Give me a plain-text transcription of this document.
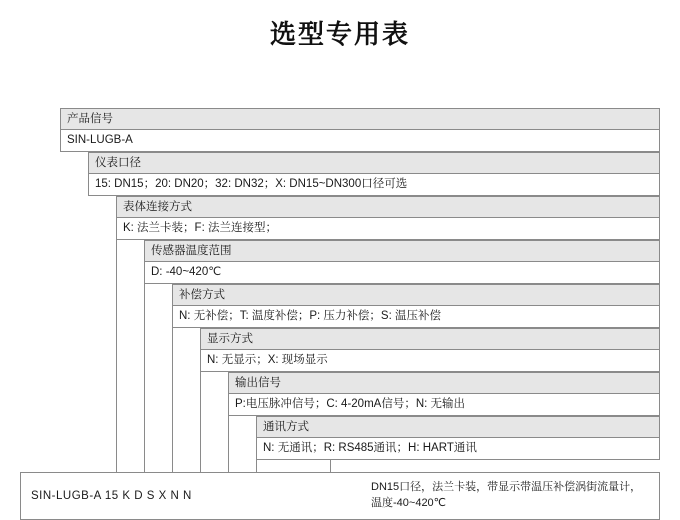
选型专用表
产品信号
SIN-LUGB-A
仪表口径
15: DN15；20: DN20；32: DN32；X: DN15~DN300口径可选
表体连接方式
K: 法兰卡装；F: 法兰连接型；
传感器温度范围
D: -40~420℃
补偿方式
N: 无补偿；T: 温度补偿；P: 压力补偿；S: 温压补偿
显示方式
N: 无显示；X: 现场显示
输出信号
P:电压脉冲信号；C: 4-20mA信号；N: 无输出
通讯方式
N: 无通讯；R: RS485通讯；H: HART通讯
SIN-LUGB-A 15 K D S X N N
DN15口径，法兰卡装，带显示带温压补偿涡街流量计，
温度-40~420℃
